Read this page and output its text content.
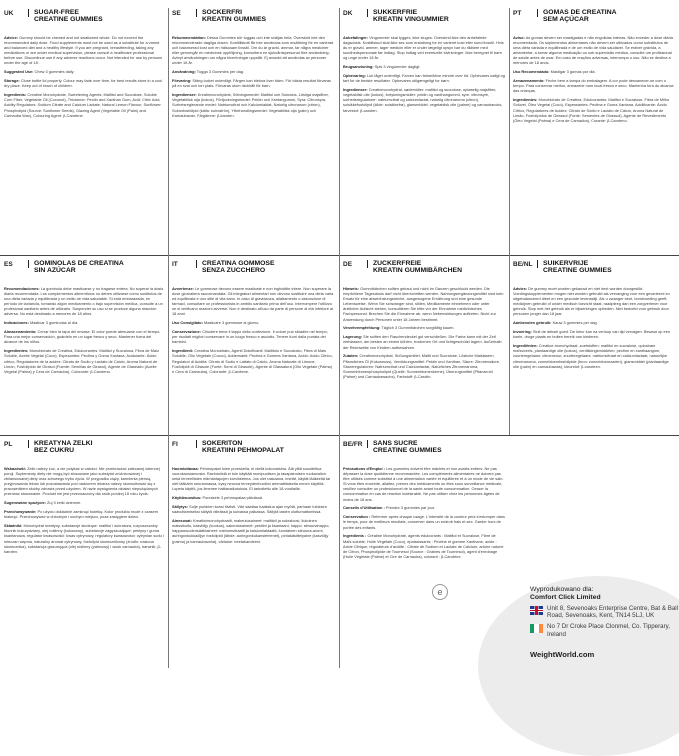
UK	SUGAR-FREE
CREATINE GUMMIES

Advice: Gummy should be chewed and not swallowed whole. Do not exceed the recommended daily dose. Food supplements must not be used as a substitute for a varied and balanced diet and a healthy lifestyle. If you are pregnant, breastfeeding, taking any medications or are under medical supervision, please consult a healthcare professional before use. Discontinue use if any adverse reactions occur. Not intended for use by persons under the age of 18.

Suggested Use: Chew 3 gummies daily.

Storage: Close bottle lid properly. Colour may fade over time, for best results store in a cool dry place. Keep out of reach of children.

Ingredients: Creatine Monohydrate, Sweetening Agents: Maltitol and Sucralose, Soluble Corn Fiber, Vegetable Oil (Coconut), Thickener: Pectin and Xanthan Gum, Acid: Citric Acid, Acidity Regulators: Sodium Citrate and Calcium Lactate, Natural Lemon Flavour, Sunflower Phospholipid (Source: Sunflower Seeds), Glazing Agent (Vegetable Oil (Palm) and Carnauba Wax), Colouring Agent: β-Carotene.

SE	SOCKERFRI
KREATIN GUMMIES

Rekommendation: Dessa Gummies bör tuggas och inte sväljas hela. Överskrid inte den rekommenderade dagliga dosen. Kosttillskott får inte användas som ersättning för en varierad och balanserad kost och en hälsosam livsstil. Om du är gravid, ammar, tar några mediciner eller genomgår en medicinsk uppföljning, konsultera en sjukvårdspersonal före användning. Avbryt användningen om några biverkningar uppstår. Ej avsedd att användas av personer under 18 år.

Användning: Tugga 3 Gummies per dag.

Förvaring: Stäng locket ordentligt. Färgen kan blekna över tiden. För bästa resultat förvaras på en sval och torr plats. Förvaras utom räckhåll för barn.

Ingredienser: Kreatinmonohydrat, Sötningsmedel: Maltitol och Sukralos, Lösliga majsfiber, Vegetabilisk olja (kokos), Förtjockningsmedel: Pektin och Xantangummi, Syra: Citronsyra, Surhetsreglerande medel: Natriumcitrat och Kalciumlaktat, Naturlig citronarom (citron), Solrosfosfolipid (källa: solrosfrön), Ytbehandlingsmedel: Vegetabilisk olja (palm) och Karnaubavax, Färgämne: β-karoten.

DK	SUKKERFRIE
KREATIN VINGUMMIER

Anbefalinger: Vingummier skal tygges, ikke sluges. Overskrid ikke den anbefalede dagsdosis. Kosttilskud skal ikke ses som erstatning for en varieret kost eller sund livsstil. Hvis du er gravid, ammer, tager medicin eller er under lægeligt opsyn bør du rådføre med sundhedspersonale før indtag. Stop indtag ved eventuelle bivirkninger. Ikke beregnet til børn og unge under 18 år.

Brugsanvisning: Spis 3 vingummier dagligt.

Opbevaring: Luk låget ordentligt. Farven kan falme/blive mindre over tid. Opbevares køligt og tørt for de bedste resultater. Opbevares utilgængeligt for børn.

Ingredienser: Creatinmonohydrat, sødemidler: maltitol og sucralose, opløselig majsfiber, vegetabilsk olie (kokos), fortykningsmidler: pektin og xanthangummi, syre: citronsyre, surhedsregulatorer: natriumcitrat og calciumlactat, naturlig citronaroma (citron), solsikkefosfolipid (kilde: solsikkefrø), glansmiddel: vegetabilsk olie (palme) og carnaubavoks, farvestof: β-caroten.

PT	GOMAS DE CREATINA
SEM AÇÚCAR

Aviso: As gomas devem ser mastigadas e não engolidas inteiras. Não exceder a dose diária recomendada. Os suplementos alimentares não devem ser utilizados como substitutos de uma dieta variada e equilibrada e de um estilo de vida saudável. Se estiver grávida, a amamentar, a tomar alguma medicação ou sob supervisão médica, consulte um profissional de saúde antes de usar. Em caso de reações adversas, interrompa o uso. Não se destina a menores de 18 anos.

Uso Recomendado: Mastigar 3 gomas por dia.

Armazenamento: Feche bem a tampa do embalagem. A cor pode desvanecer-se com o tempo. Para conservar melhor, armazene num local fresco e seco. Mantenha fora do alcance das crianças.

Ingredientes: Monohidrato de Creatina, Edulcorantes: Maltitol e Sucralose, Fibra de Milho Solúvel, Óleo Vegetal (Coco), Espessantes: Pectina e Goma Xantana, Acidificante: Ácido Cítrico, Reguladores de Acidez: Citrato de Sódio e Lactato de Cálcio, Aroma Natural de Limão, Fosfolípidos de Girassol (Fonte: Sementes de Girassol), Agente de Revestimento (Óleo Vegetal (Palma) e Cera de Carnaúba), Corante: β-Caroteno.

ES	GOMINOLAS DE CREATINA
SIN AZÚCAR

Recomendaciones: La gominola debe masticarse y no tragarse entera. No superar la dosis diaria recomendada. Los complementos alimenticios no deben utilizarse como sustitutos de una dieta variada y equilibrada y un estilo de vida saludable. Si está embarazada, en período de lactancia, tomando algún medicamento o bajo supervisión médica, consulte a un profesional sanitario antes de utilizarlo. Suspender su uso si se produce alguna reacción adversa. No está destinado a menores de 18 años.

Indicaciones: Masticar 3 gominolas al día.

Almacenamiento: Cerrar bien la tapa del envase. El color puede atenuarse con el tiempo. Para una mejor conservación, guárdelo en un lugar fresco y seco. Mantener fuera del alcance de los niños.

Ingredientes: Monohidrato de Creatina, Edulcorantes: Maltitol y Sucralosa, Fibra de Maíz Soluble, Aceite Vegetal (Coco), Espesantes: Pectina y Goma Xantana, Acidulante: Ácido cítrico, Reguladores de la acidez: Citrato de Sodio y Lactato de Calcio, Aroma Natural de Limón, Fosfolípido de Girasol (Fuente: Semillas de Girasol), Agente de Glaseado (Aceite Vegetal (Palma) y Cera de Carnauba), Colorante: β-Caroteno.

IT	CREATINA GOMMOSE
SENZA ZUCCHERO

Avvertenze: Le gommose devono essere masticate e non inghiottite intere. Non superare la dose giornaliera raccomandata. Gli integratori alimentari non devono sostituire una dieta varia ed equilibrata e uno stile di vita sano. In caso di gravidanza, allattamento o assunzione di farmaci, consultare un professionista in ambito sanitario prima dell'uso. Interrompere l'utilizzo se si verificano reazioni avverse. Non è destinato all'uso da parte di persone di età inferiore ai 18 anni.

Uso Consigliato: Masticare 3 gommose al giorno.

Conservazione: Chiudere bene il tappo della confezione. Il colore può sbiadire nel tempo; per risultati migliori conservare in un luogo fresco e asciutto. Tenere fuori dalla portata dei bambini.

Ingredienti: Creatina Monoidrato, Agenti Dolcificanti: Maltitolo e Sucralosio, Fibra di Mais Solubile, Olio Vegetale (Cocco), Addensanti: Pectina e Gomma Xantana, Acido: Acido Citrico, Regolatori di Acidità: Citrato di Sodio e Lattato di Calcio, Aroma Naturale di Limone, Fosfolipidi di Girasole (Fonte: Semi di Girasole), Agente di Glassatura (Olio Vegetale (Palma) e Cera di Carnauba), Colorante: β-Carotene.

DE	ZUCKERFREIE
KREATIN GUMMIBÄRCHEN

Hinweis: Gummibärchen sollten gekaut und nicht im Ganzen geschluckt werden. Die empfohlene Tagesdosis darf nicht überschritten werden. Nahrungsergänzungsmittel sind kein Ersatz für eine abwechslungsreiche, ausgewogene Ernährung und eine gesunde Lebensweise. Wenn Sie schwanger sind, stillen, Medikamente einnehmen oder unter ärztlicher Aufsicht stehen, konsultieren Sie bitte vor der Einnahme medizinisches Fachpersonal. Brechen Sie die Einnahme ab, wenn Nebenwirkungen auftreten. Nicht zur Anwendung durch Personen unter 18 Jahren bestimmt.

Verzehrempfehlung: Täglich 3 Gummibärchen sorgfältig kauen.

Lagerung: Sie sollten den Flaschendeckel gut verschließen. Die Farbe kann mit der Zeit verblassen, am besten an einem kühlen, trockenen Ort und lichtgeschützt lagern. Außerhalb der Reichweite von Kindern aufbewahren.

Zutaten: Creatinmonohydrat, Süßungsmittel: Maltit und Sucralose, Lösliche Maisfasern, Pflanzliches Öl (Kokosnuss), Verdickungsmittel: Pektin und Xanthan, Säure: Zitronensäure, Säureregulatoren: Natriumcitrat und Calciumlactat, Natürliches Zitronenaroma, Sonnenblumenphospholipid (Quelle: Sonnenblumenkerne), Überzugsmittel (Pflanzenöl (Palme) und Carnaubawachs), Farbstoff: β-Carotin.

BE/NL	SUIKERVRIJE
CREATINE GUMMIES

Advies: De gummy moet worden gekauwd en niet heel worden doorgeslikt. Voedingssupplementen mogen niet worden gebruikt als vervanging voor een gevarieerd en uitgebalanceerd dieet en een gezonde levensstijl. Als u zwanger bent, borstvoeding geeft, medicijnen gebruikt of onder medisch toezicht staat, raadpleeg dan een zorgverlener voor gebruik. Stop met het gebruik als er bijwerkingen optreden. Niet bedoeld voor gebruik door personen jonger dan 18 jaar.

Aanbevolen gebruik: Kauw 3 gummies per dag.

Invoering: Sluit de deksel goed. De kleur kan na verloop van tijd vervagen. Bewaar op een koele, droge plaats en buiten bereik van kinderen.

Ingrediënten: Creatine-monohydraat, zoetstoffen: maltitol en sucralose, oplosbare maïsvezels, plantaardige olie (kokos), verdikkingsmiddelen: pectine en xanthaangom, zuurteregelaars: citroenzuur, zuurteregelaars: natriumcitraat en calciumlactaat, natuurlijke citroenaroma, zonnebloemfosfolipide (bron: zonnebloemzaden), glansmiddel (plantaardige olie (palm) en carnaubawas), kleurstof: β-caroteen.

PL	KREATYNA ŻELKI
BEZ CUKRU

Wskazówki: Żelki należy żuć, a nie połykać w całości. Nie przekraczać zalecanej dziennej porcji. Suplementy diety nie mogą być stosowane jako substytut zróżnicowanej i zbilansowanej diety oraz zdrowego trybu życia. W przypadku ciąży, karmienia piersią, przyjmowania leków lub pozostawania pod nadzorem lekarza należy skonsultować się z pracownikiem służby zdrowia przed użyciem. W razie wystąpienia działań niepożądanych przerwać stosowanie. Produkt nie jest przeznaczony dla osób poniżej 18 roku życia.

Sugerowane spożycie: Żuj 3 żelki dziennie.

Przechowywanie: Po użyciu dokładnie zamknąć butelkę. Kolor produktu może z czasem blaknąć. Przechowywać w chłodnym i suchym miejscu, poza zasięgiem dzieci.

Składniki: Monohydrat kreatyny, substancje słodzące: maltitol i sukraloza, rozpuszczalny błonnik kukurydziany, olej roślinny (kokosowy), substancje zagęszczające: pektyny i guma ksantanowa, regulator kwasowości: kwas cytrynowy, regulatory kwasowości: cytrynian sodu i mleczan wapnia, naturalny aromat cytrynowy, fosfolipid słonecznikowy (źródło: nasiona słonecznika), substancja glazurująca (olej roślinny (palmowy) i wosk carnauba), barwnik: β-karoten.

FI	SOKERITON
KREATIINI PEHMOPALAT

Huomioitavaa: Pehmopalat tulee pureskella, ei niellä kokonaisina. Älä ylitä suositeltua vuorokausiannosta. Ravintolisiä ei tule käyttää monipuolisen ja tasapainoisen ruokavalion sekä terveellisten elämäntapojen korvikkeena. Jos olet raskaana, imetät, käytät lääkkeitä tai olet lääkärin seurannassa, kysy neuvoa terveydenhuollon ammattilaiselta ennen käyttöä. Lopeta käyttö, jos ilmenee haittavaikutuksia. Ei tarkoitettu alle 18-vuotiaille.

Käyttösuositus: Pureskele 3 pehmopalaa päivässä.

Säilytys: Sulje purkkien kansi tiiviisti. Väri saattaa haalistua ajan myötä, parhaan tuloksen saavuttamiseksi säilytä viileässä ja kuivassa paikassa. Säilytä lasten ulottumattomissa.

Ainesosat: Kreatiinimonohydraatti, makeutusaineet: maltitoli ja sukraloosi, liukoinen maissikuitu, kasviöljy (kookos), sakeutusaineet: pektiini ja ksantaani, happo: sitruunahappo, happamuudensäätöaineet: natriumsitraatti ja kalsiumlaktaatti, luontainen sitruuna-aromi, auringonkukkaöljyn fosfolipidi (lähde: auringonkukansiemenet), pintakäsittelyaine (kasviöljy (palmu) ja karnaubavaha), väriaine: beetakaroteeni.

BE/FR	SANS SUCRE
CREATINE GUMMIES

Précautions d'Emploi : Les gummies doivent être mâchés et non avalés entiers. Ne pas dépasser la dose quotidienne recommandée. Les compléments alimentaires ne doivent pas être utilisés comme substitut à une alimentation variée et équilibrée et à un mode de vie sain. Si vous êtes enceinte, allaitez, prenez des médicaments ou êtes sous surveillance médicale, veuillez consulter un professionnel de la santé avant toute consommation. Cesser la consommation en cas de réaction indésirable. Ne pas utiliser chez les personnes âgées de moins de 18 ans.

Conseils d'Utilisation : Prendre 3 gummies par jour.

Conservation : Refermer après chaque usage. L'intensité de la couleur peut s'estomper dans le temps, pour de meilleurs résultats, conserver dans un endroit frais et sec. Garder hors de portée des enfants.

Ingrédients : Créatine Monohydrate, agents édulcorants : Maltitol et Sucralose, Fibre de Maïs soluble, Huile Végétale (Coco), épaississants : Pectine et gomme Xanthane, acide : Acide Citrique, régulateurs d'acidité : Citrate de Sodium et Lactate de Calcium, arôme naturel de Citron, Phospholipide de Tournesol (Source : Graines de Tournesol), agent d'enrobage (Huile Végétale (Palme) et Cire de Carnauba), colorant : β-Carotène.

e	Wyprodukowano dla:
Comfort Click Limited
Unit 8, Sevenoaks Enterprise Centre, Bat & Ball Road, Sevenoaks, Kent, TN14 5LJ, UK
No 7 Dr Croke Place Clonmel, Co. Tipperary, Ireland
WeightWorld.com
